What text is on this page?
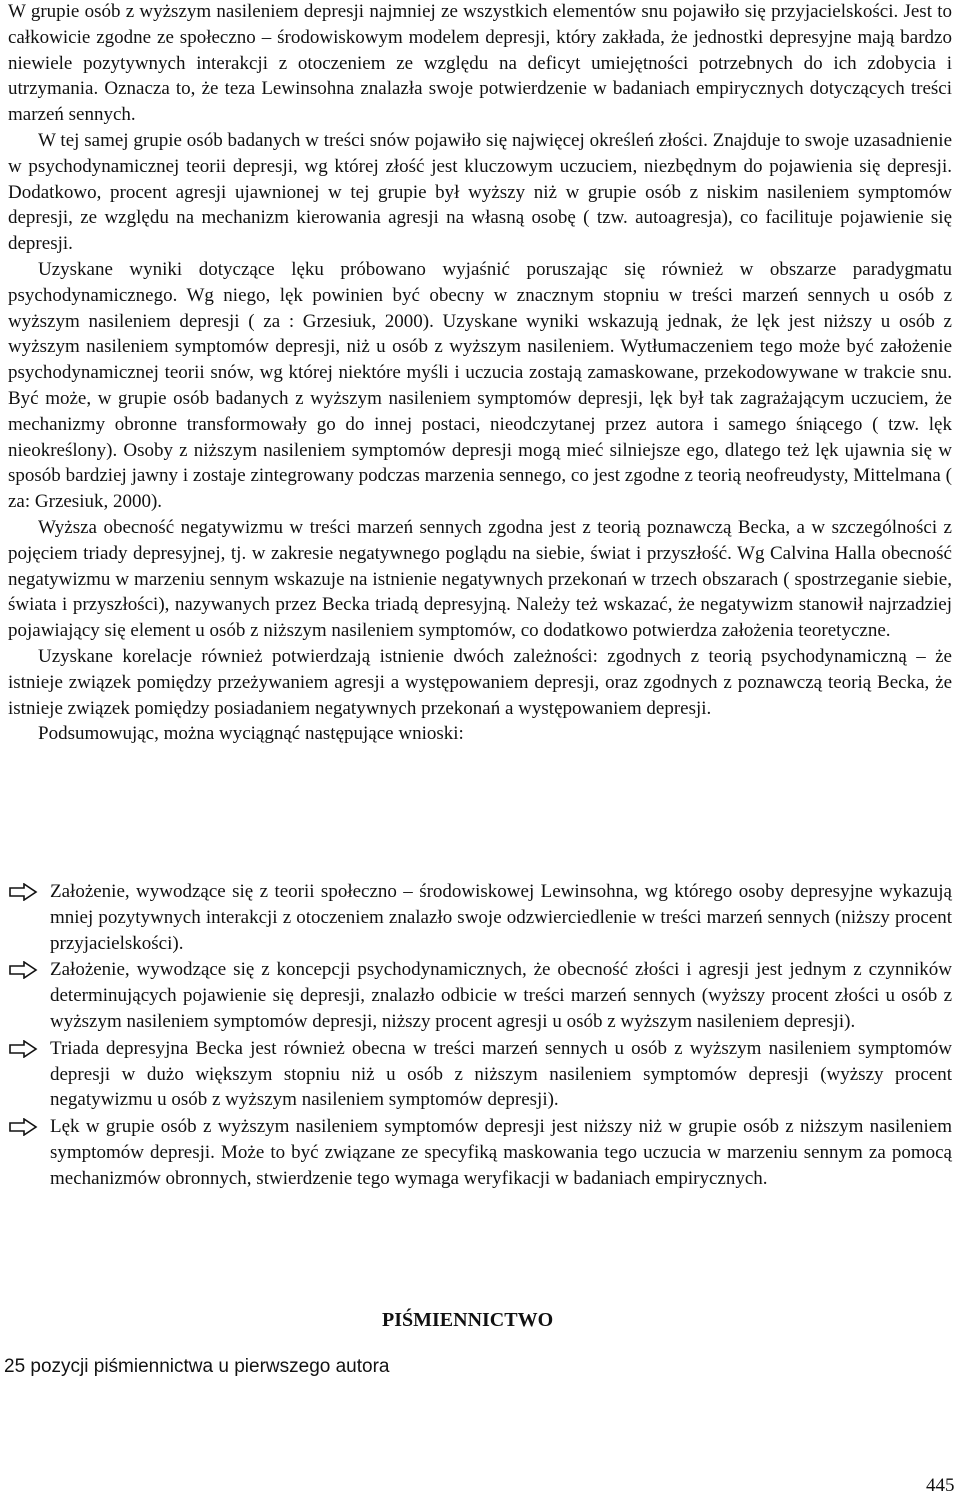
W grupie osób z wyższym nasileniem depresji najmniej ze wszystkich elementów snu pojawiło się przyjacielskości. Jest to całkowicie zgodne ze społeczno – środowiskowym modelem depresji, który zakłada, że jednostki depresyjne mają bardzo niewiele pozytywnych interakcji z otoczeniem ze względu na deficyt umiejętności potrzebnych do ich zdobycia i utrzymania. Oznacza to, że teza Lewinsohna znalazła swoje potwierdzenie w badaniach empirycznych dotyczących treści marzeń sennych.

W tej samej grupie osób badanych w treści snów pojawiło się najwięcej określeń złości. Znajduje to swoje uzasadnienie w psychodynamicznej teorii depresji, wg której złość jest kluczowym uczuciem, niezbędnym do pojawienia się depresji. Dodatkowo, procent agresji ujawnionej w tej grupie był wyższy niż w grupie osób z niskim nasileniem symptomów depresji, ze względu na mechanizm kierowania agresji na własną osobę ( tzw. autoagresja), co facilituje pojawienie się depresji.

Uzyskane wyniki dotyczące lęku próbowano wyjaśnić poruszając się również w obszarze paradygmatu psychodynamicznego. Wg niego, lęk powinien być obecny w znacznym stopniu w treści marzeń sennych u osób z wyższym nasileniem depresji ( za : Grzesiuk, 2000). Uzyskane wyniki wskazują jednak, że lęk jest niższy u osób z wyższym nasileniem symptomów depresji, niż u osób z wyższym nasileniem. Wytłumaczeniem tego może być założenie psychodynamicznej teorii snów, wg której niektóre myśli i uczucia zostają zamaskowane, przekodowywane w trakcie snu. Być może, w grupie osób badanych z wyższym nasileniem symptomów depresji, lęk był tak zagrażającym uczuciem, że mechanizmy obronne transformowały go do innej postaci, nieodczytanej przez autora i samego śniącego ( tzw. lęk nieokreślony). Osoby z niższym nasileniem symptomów depresji mogą mieć silniejsze ego, dlatego też lęk ujawnia się w sposób bardziej jawny i zostaje zintegrowany podczas marzenia sennego, co jest zgodne z teorią neofreudysty, Mittelmana ( za: Grzesiuk, 2000).

Wyższa obecność negatywizmu w treści marzeń sennych zgodna jest z teorią poznawczą Becka, a w szczególności z pojęciem triady depresyjnej, tj. w zakresie negatywnego poglądu na siebie, świat i przyszłość. Wg Calvina Halla obecność negatywizmu w marzeniu sennym wskazuje na istnienie negatywnych przekonań w trzech obszarach ( spostrzeganie siebie, świata i przyszłości), nazywanych przez Becka triadą depresyjną. Należy też wskazać, że negatywizm stanowił najrzadziej pojawiający się element u osób z niższym nasileniem symptomów, co dodatkowo potwierdza założenia teoretyczne.

Uzyskane korelacje również potwierdzają istnienie dwóch zależności: zgodnych z teorią psychodynamiczną – że istnieje związek pomiędzy przeżywaniem agresji a występowaniem depresji, oraz zgodnych z poznawczą teorią Becka, że istnieje związek pomiędzy posiadaniem negatywnych przekonań a występowaniem depresji.

Podsumowując, można wyciągnąć następujące wnioski:

Założenie, wywodzące się z teorii społeczno – środowiskowej Lewinsohna, wg którego osoby depresyjne wykazują mniej pozytywnych interakcji z otoczeniem znalazło swoje odzwierciedlenie w treści marzeń sennych (niższy procent przyjacielskości).

Założenie, wywodzące się z koncepcji psychodynamicznych, że obecność złości i agresji jest jednym z czynników determinujących pojawienie się depresji, znalazło odbicie w treści marzeń sennych (wyższy procent złości u osób z wyższym nasileniem symptomów depresji, niższy procent agresji u osób z wyższym nasileniem depresji).

Triada depresyjna Becka jest również obecna w treści marzeń sennych u osób z wyższym nasileniem symptomów depresji w dużo większym stopniu niż u osób z niższym nasileniem symptomów depresji (wyższy procent negatywizmu u osób z wyższym nasileniem symptomów depresji).

Lęk w grupie osób z wyższym nasileniem symptomów depresji jest niższy niż w grupie osób z niższym nasileniem symptomów depresji. Może to być związane ze specyfiką maskowania tego uczucia w marzeniu sennym za pomocą mechanizmów obronnych, stwierdzenie tego wymaga weryfikacji w badaniach empirycznych.

PIŚMIENNICTWO

25 pozycji piśmiennictwa u pierwszego autora

445
